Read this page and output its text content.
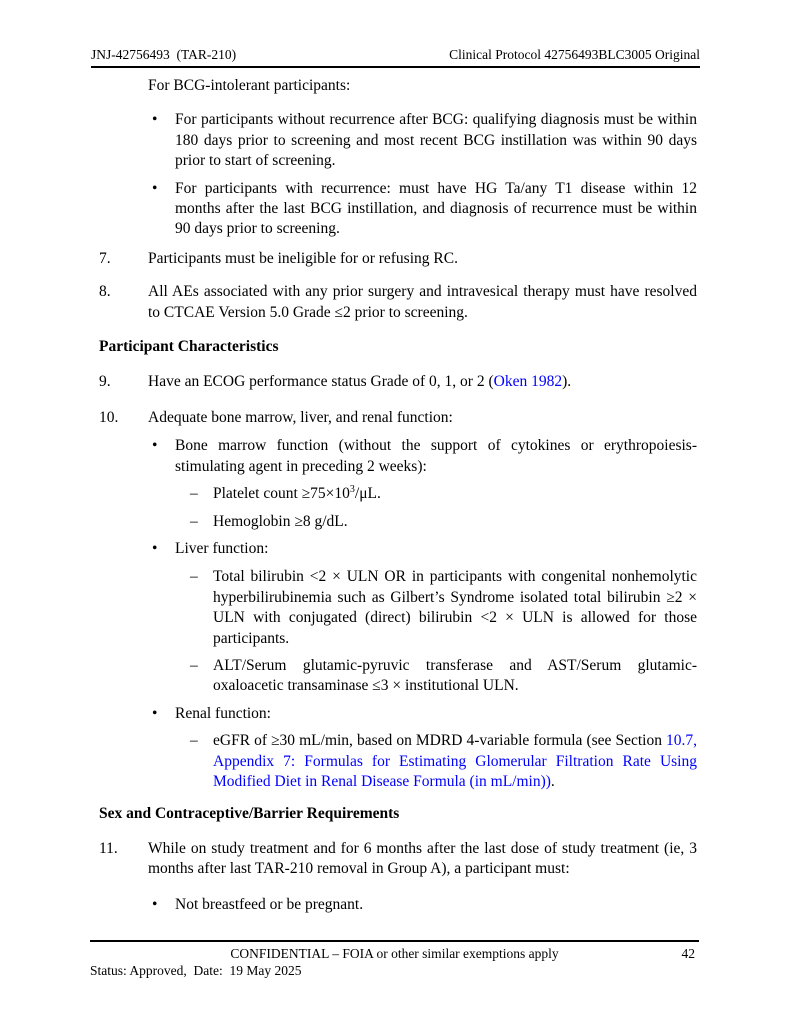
JNJ-42756493  (TAR-210)	Clinical Protocol 42756493BLC3005 Original

For BCG-intolerant participants:

•	For participants without recurrence after BCG: qualifying diagnosis must be within 180 days prior to screening and most recent BCG instillation was within 90 days prior to start of screening.
•	For participants with recurrence: must have HG Ta/any T1 disease within 12 months after the last BCG instillation, and diagnosis of recurrence must be within 90 days prior to screening.
7.	Participants must be ineligible for or refusing RC.
8.	All AEs associated with any prior surgery and intravesical therapy must have resolved to CTCAE Version 5.0 Grade ≤2 prior to screening.
Participant Characteristics
9.	Have an ECOG performance status Grade of 0, 1, or 2 (Oken 1982).
10.	Adequate bone marrow, liver, and renal function:
•	Bone marrow function (without the support of cytokines or erythropoiesis-stimulating agent in preceding 2 weeks):
– Platelet count $\ge 75\times 10^3/\mu L$.
– Hemoglobin ≥8 g/dL.
•	Liver function:
– Total bilirubin <2 × ULN OR in participants with congenital nonhemolytic hyperbilirubinemia such as Gilbert’s Syndrome isolated total bilirubin ≥2 × ULN with conjugated (direct) bilirubin <2 × ULN is allowed for those participants.
– ALT/Serum glutamic-pyruvic transferase and AST/Serum glutamic-oxaloacetic transaminase ≤3 × institutional ULN.
•	Renal function:
– eGFR of ≥30 mL/min, based on MDRD 4-variable formula (see Section 10.7, Appendix 7: Formulas for Estimating Glomerular Filtration Rate Using Modified Diet in Renal Disease Formula (in mL/min)).
Sex and Contraceptive/Barrier Requirements
11.	While on study treatment and for 6 months after the last dose of study treatment (ie, 3 months after last TAR-210 removal in Group A), a participant must:
•	Not breastfeed or be pregnant.
CONFIDENTIAL – FOIA or other similar exemptions apply	42
Status: Approved,  Date:  19 May 2025
